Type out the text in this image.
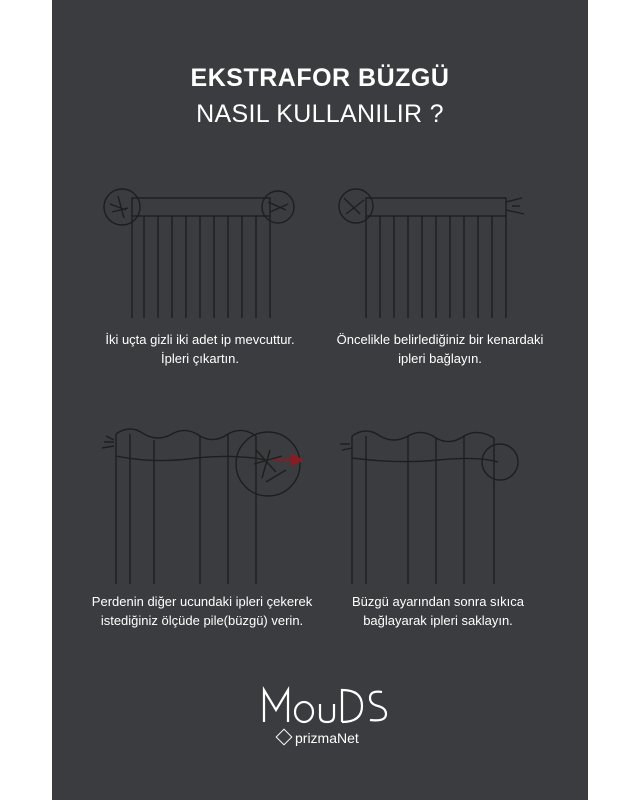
EKSTRAFOR BÜZGÜ
NASIL KULLANILIR ?
İki uçta gizli iki adet ip mevcuttur.
İpleri çıkartın.
Öncelikle belirlediğiniz bir kenardaki
ipleri bağlayın.
Perdenin diğer ucundaki ipleri çekerek
istediğiniz ölçüde pile(büzgü) verin.
Büzgü ayarından sonra sıkıca
bağlayarak ipleri saklayın.
prizmaNet
